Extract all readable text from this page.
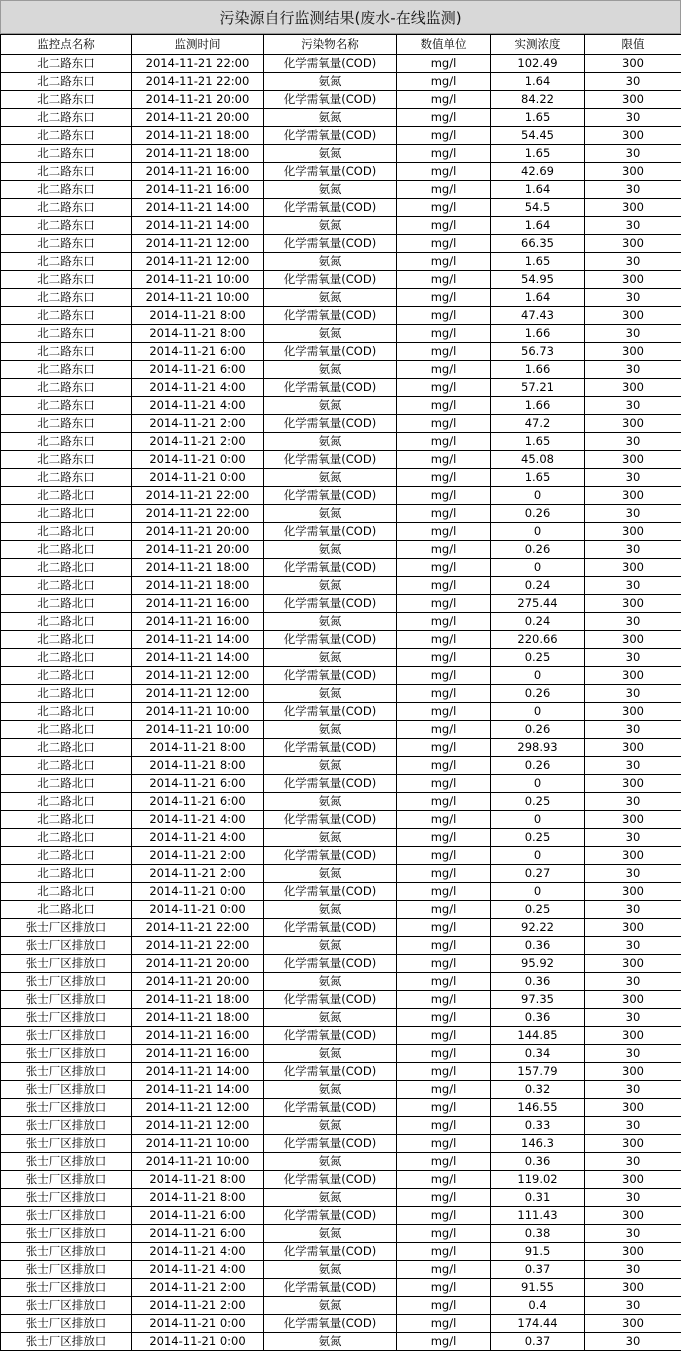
污染源自行监测结果(废水-在线监测)
监控点名称	监测时间	污染物名称	数值单位	实测浓度	限值
北二路东口	2014-11-21 22:00	化学需氧量(COD)	mg/l	102.49	300
北二路东口	2014-11-21 22:00	氨氮	mg/l	1.64	30
北二路东口	2014-11-21 20:00	化学需氧量(COD)	mg/l	84.22	300
北二路东口	2014-11-21 20:00	氨氮	mg/l	1.65	30
北二路东口	2014-11-21 18:00	化学需氧量(COD)	mg/l	54.45	300
北二路东口	2014-11-21 18:00	氨氮	mg/l	1.65	30
北二路东口	2014-11-21 16:00	化学需氧量(COD)	mg/l	42.69	300
北二路东口	2014-11-21 16:00	氨氮	mg/l	1.64	30
北二路东口	2014-11-21 14:00	化学需氧量(COD)	mg/l	54.5	300
北二路东口	2014-11-21 14:00	氨氮	mg/l	1.64	30
北二路东口	2014-11-21 12:00	化学需氧量(COD)	mg/l	66.35	300
北二路东口	2014-11-21 12:00	氨氮	mg/l	1.65	30
北二路东口	2014-11-21 10:00	化学需氧量(COD)	mg/l	54.95	300
北二路东口	2014-11-21 10:00	氨氮	mg/l	1.64	30
北二路东口	2014-11-21 8:00	化学需氧量(COD)	mg/l	47.43	300
北二路东口	2014-11-21 8:00	氨氮	mg/l	1.66	30
北二路东口	2014-11-21 6:00	化学需氧量(COD)	mg/l	56.73	300
北二路东口	2014-11-21 6:00	氨氮	mg/l	1.66	30
北二路东口	2014-11-21 4:00	化学需氧量(COD)	mg/l	57.21	300
北二路东口	2014-11-21 4:00	氨氮	mg/l	1.66	30
北二路东口	2014-11-21 2:00	化学需氧量(COD)	mg/l	47.2	300
北二路东口	2014-11-21 2:00	氨氮	mg/l	1.65	30
北二路东口	2014-11-21 0:00	化学需氧量(COD)	mg/l	45.08	300
北二路东口	2014-11-21 0:00	氨氮	mg/l	1.65	30
北二路北口	2014-11-21 22:00	化学需氧量(COD)	mg/l	0	300
北二路北口	2014-11-21 22:00	氨氮	mg/l	0.26	30
北二路北口	2014-11-21 20:00	化学需氧量(COD)	mg/l	0	300
北二路北口	2014-11-21 20:00	氨氮	mg/l	0.26	30
北二路北口	2014-11-21 18:00	化学需氧量(COD)	mg/l	0	300
北二路北口	2014-11-21 18:00	氨氮	mg/l	0.24	30
北二路北口	2014-11-21 16:00	化学需氧量(COD)	mg/l	275.44	300
北二路北口	2014-11-21 16:00	氨氮	mg/l	0.24	30
北二路北口	2014-11-21 14:00	化学需氧量(COD)	mg/l	220.66	300
北二路北口	2014-11-21 14:00	氨氮	mg/l	0.25	30
北二路北口	2014-11-21 12:00	化学需氧量(COD)	mg/l	0	300
北二路北口	2014-11-21 12:00	氨氮	mg/l	0.26	30
北二路北口	2014-11-21 10:00	化学需氧量(COD)	mg/l	0	300
北二路北口	2014-11-21 10:00	氨氮	mg/l	0.26	30
北二路北口	2014-11-21 8:00	化学需氧量(COD)	mg/l	298.93	300
北二路北口	2014-11-21 8:00	氨氮	mg/l	0.26	30
北二路北口	2014-11-21 6:00	化学需氧量(COD)	mg/l	0	300
北二路北口	2014-11-21 6:00	氨氮	mg/l	0.25	30
北二路北口	2014-11-21 4:00	化学需氧量(COD)	mg/l	0	300
北二路北口	2014-11-21 4:00	氨氮	mg/l	0.25	30
北二路北口	2014-11-21 2:00	化学需氧量(COD)	mg/l	0	300
北二路北口	2014-11-21 2:00	氨氮	mg/l	0.27	30
北二路北口	2014-11-21 0:00	化学需氧量(COD)	mg/l	0	300
北二路北口	2014-11-21 0:00	氨氮	mg/l	0.25	30
张士厂区排放口	2014-11-21 22:00	化学需氧量(COD)	mg/l	92.22	300
张士厂区排放口	2014-11-21 22:00	氨氮	mg/l	0.36	30
张士厂区排放口	2014-11-21 20:00	化学需氧量(COD)	mg/l	95.92	300
张士厂区排放口	2014-11-21 20:00	氨氮	mg/l	0.36	30
张士厂区排放口	2014-11-21 18:00	化学需氧量(COD)	mg/l	97.35	300
张士厂区排放口	2014-11-21 18:00	氨氮	mg/l	0.36	30
张士厂区排放口	2014-11-21 16:00	化学需氧量(COD)	mg/l	144.85	300
张士厂区排放口	2014-11-21 16:00	氨氮	mg/l	0.34	30
张士厂区排放口	2014-11-21 14:00	化学需氧量(COD)	mg/l	157.79	300
张士厂区排放口	2014-11-21 14:00	氨氮	mg/l	0.32	30
张士厂区排放口	2014-11-21 12:00	化学需氧量(COD)	mg/l	146.55	300
张士厂区排放口	2014-11-21 12:00	氨氮	mg/l	0.33	30
张士厂区排放口	2014-11-21 10:00	化学需氧量(COD)	mg/l	146.3	300
张士厂区排放口	2014-11-21 10:00	氨氮	mg/l	0.36	30
张士厂区排放口	2014-11-21 8:00	化学需氧量(COD)	mg/l	119.02	300
张士厂区排放口	2014-11-21 8:00	氨氮	mg/l	0.31	30
张士厂区排放口	2014-11-21 6:00	化学需氧量(COD)	mg/l	111.43	300
张士厂区排放口	2014-11-21 6:00	氨氮	mg/l	0.38	30
张士厂区排放口	2014-11-21 4:00	化学需氧量(COD)	mg/l	91.5	300
张士厂区排放口	2014-11-21 4:00	氨氮	mg/l	0.37	30
张士厂区排放口	2014-11-21 2:00	化学需氧量(COD)	mg/l	91.55	300
张士厂区排放口	2014-11-21 2:00	氨氮	mg/l	0.4	30
张士厂区排放口	2014-11-21 0:00	化学需氧量(COD)	mg/l	174.44	300
张士厂区排放口	2014-11-21 0:00	氨氮	mg/l	0.37	30
